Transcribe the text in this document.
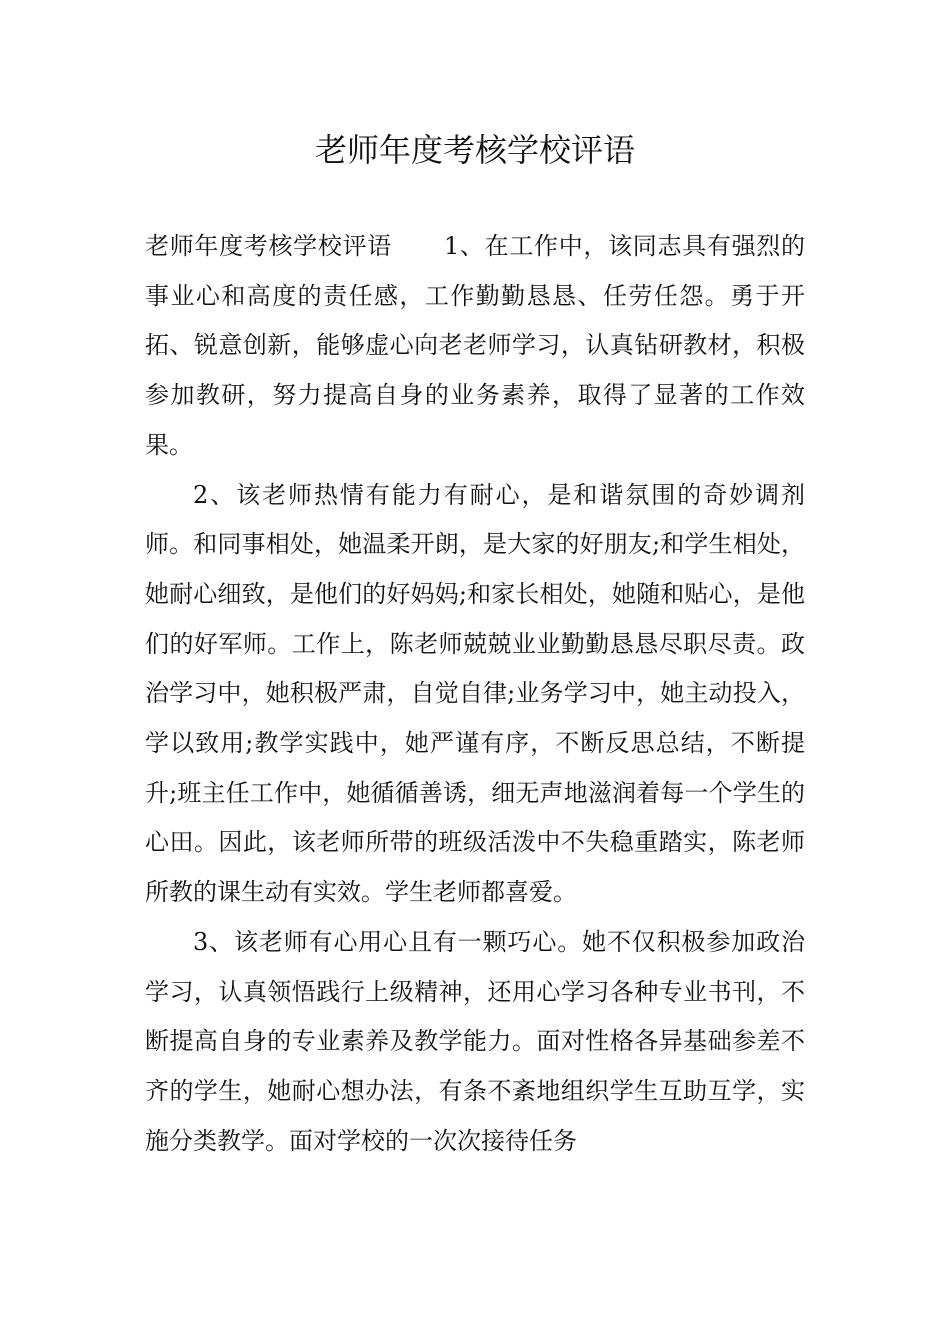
老师年度考核学校评语

老师年度考核学校评语 1、在工作中，该同志具有强烈的事业心和高度的责任感，工作勤勤恳恳、任劳任怨。勇于开拓、锐意创新，能够虚心向老老师学习，认真钻研教材，积极参加教研，努力提高自身的业务素养，取得了显著的工作效果。

2、该老师热情有能力有耐心，是和谐氛围的奇妙调剂师。和同事相处，她温柔开朗，是大家的好朋友;和学生相处，她耐心细致，是他们的好妈妈;和家长相处，她随和贴心，是他们的好军师。工作上，陈老师兢兢业业勤勤恳恳尽职尽责。政治学习中，她积极严肃，自觉自律;业务学习中，她主动投入，学以致用;教学实践中，她严谨有序，不断反思总结，不断提升;班主任工作中，她循循善诱，细无声地滋润着每一个学生的心田。因此，该老师所带的班级活泼中不失稳重踏实，陈老师所教的课生动有实效。学生老师都喜爱。

3、该老师有心用心且有一颗巧心。她不仅积极参加政治学习，认真领悟践行上级精神，还用心学习各种专业书刊，不断提高自身的专业素养及教学能力。面对性格各异基础参差不齐的学生，她耐心想办法，有条不紊地组织学生互助互学，实施分类教学。面对学校的一次次接待任务
